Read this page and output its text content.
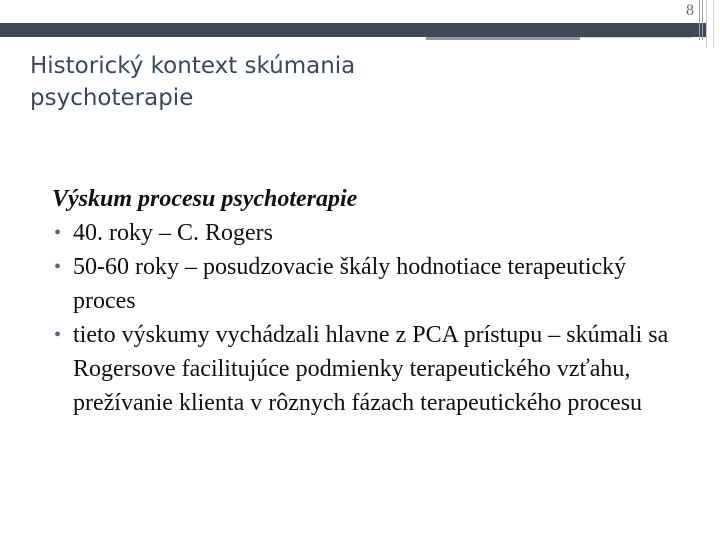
8
Historický kontext skúmania psychoterapie
Výskum procesu psychoterapie
• 40. roky – C. Rogers
• 50-60 roky – posudzovacie škály hodnotiace terapeutický proces
• tieto výskumy vychádzali hlavne z PCA prístupu – skúmali sa Rogersove facilitujúce podmienky terapeutického vzťahu, prežívanie klienta v rôznych fázach terapeutického procesu
